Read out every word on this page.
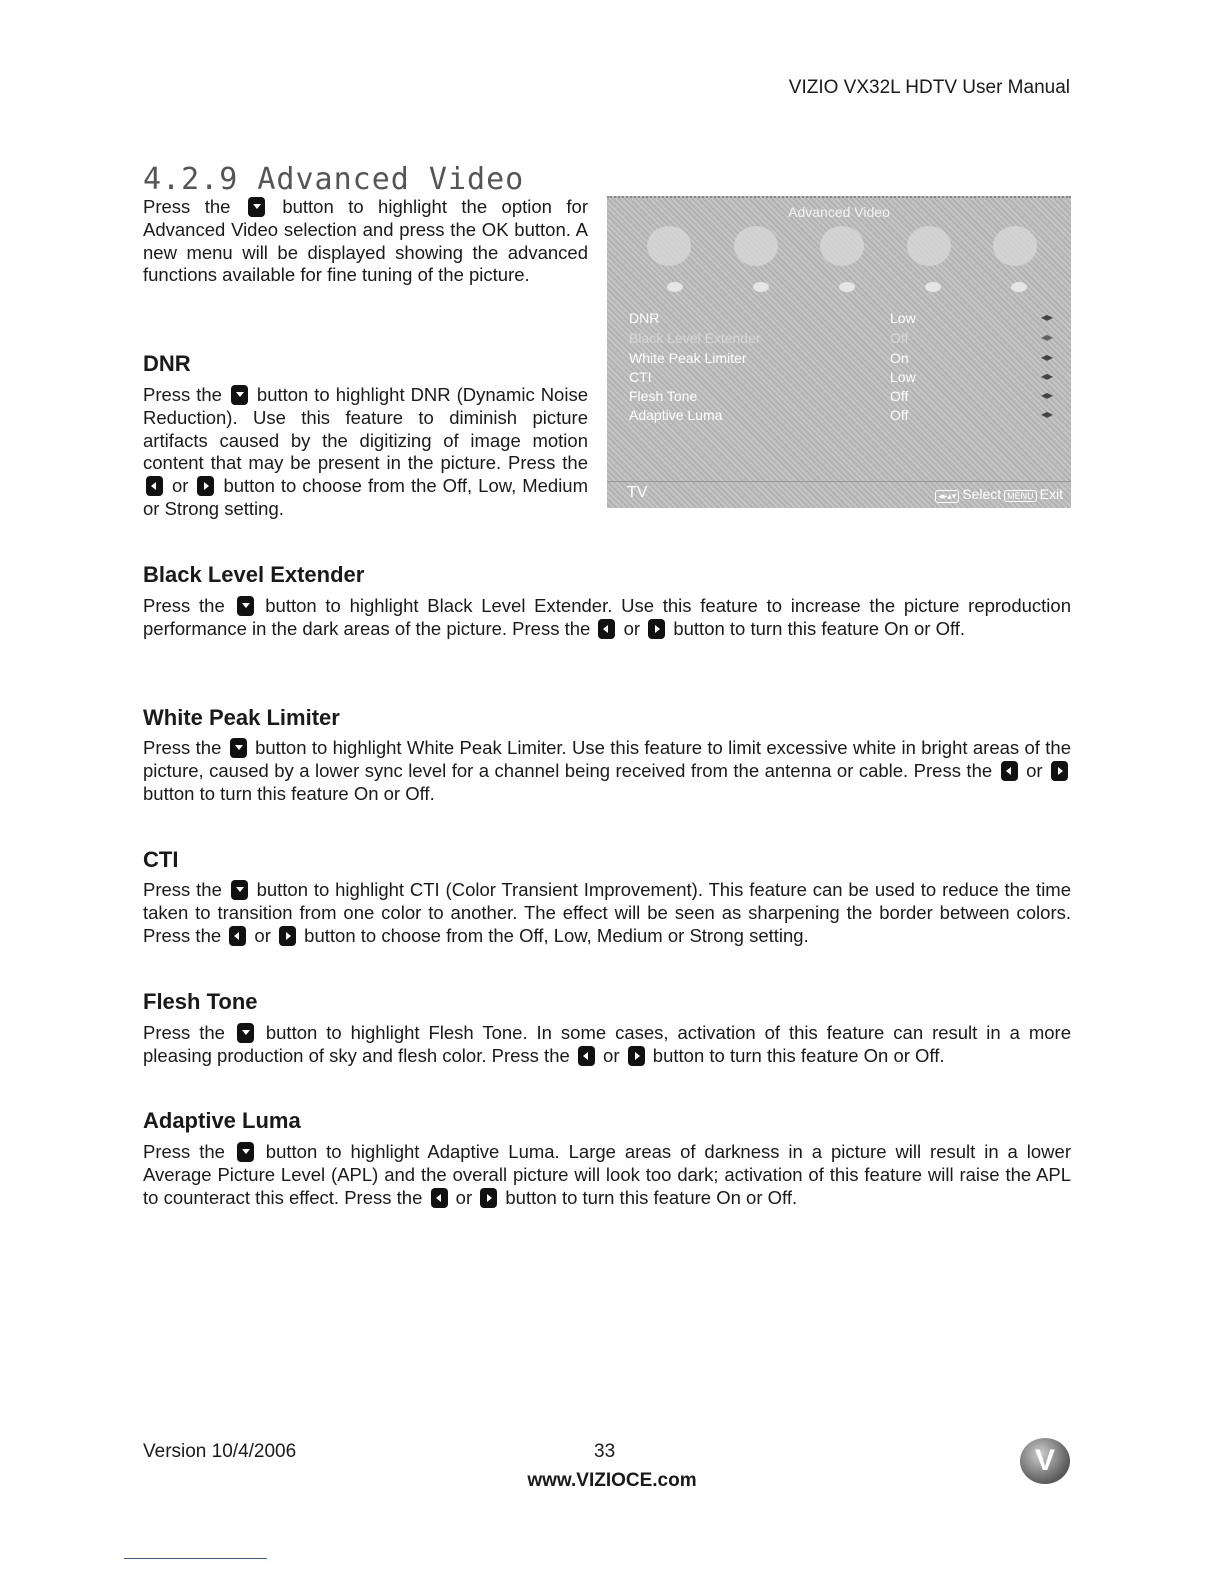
VIZIO VX32L HDTV User Manual
4.2.9 Advanced Video
Press the  button to highlight the option for Advanced Video selection and press the OK button. A new menu will be displayed showing the advanced functions available for fine tuning of the picture.
Advanced Video
DNR	Low	◂▸
Black Level Extender	Off	◂▸
White Peak Limiter	On	◂▸
CTI	Low	◂▸
Flesh Tone	Off	◂▸
Adaptive Luma	Off	◂▸
TV	◂▸▴▾ Select MENU Exit
DNR
Press the  button to highlight DNR (Dynamic Noise Reduction). Use this feature to diminish picture artifacts caused by the digitizing of image motion content that may be present in the picture. Press the  or  button to choose from the Off, Low, Medium or Strong setting.
Black Level Extender
Press the  button to highlight Black Level Extender. Use this feature to increase the picture reproduction performance in the dark areas of the picture. Press the  or  button to turn this feature On or Off.
White Peak Limiter
Press the  button to highlight White Peak Limiter. Use this feature to limit excessive white in bright areas of the picture, caused by a lower sync level for a channel being received from the antenna or cable. Press the  or  button to turn this feature On or Off.
CTI
Press the  button to highlight CTI (Color Transient Improvement). This feature can be used to reduce the time taken to transition from one color to another. The effect will be seen as sharpening the border between colors. Press the  or  button to choose from the Off, Low, Medium or Strong setting.
Flesh Tone
Press the  button to highlight Flesh Tone. In some cases, activation of this feature can result in a more pleasing production of sky and flesh color. Press the  or  button to turn this feature On or Off.
Adaptive Luma
Press the  button to highlight Adaptive Luma. Large areas of darkness in a picture will result in a lower Average Picture Level (APL) and the overall picture will look too dark; activation of this feature will raise the APL to counteract this effect. Press the  or  button to turn this feature On or Off.
Version 10/4/2006	33
www.VIZIOCE.com
V
